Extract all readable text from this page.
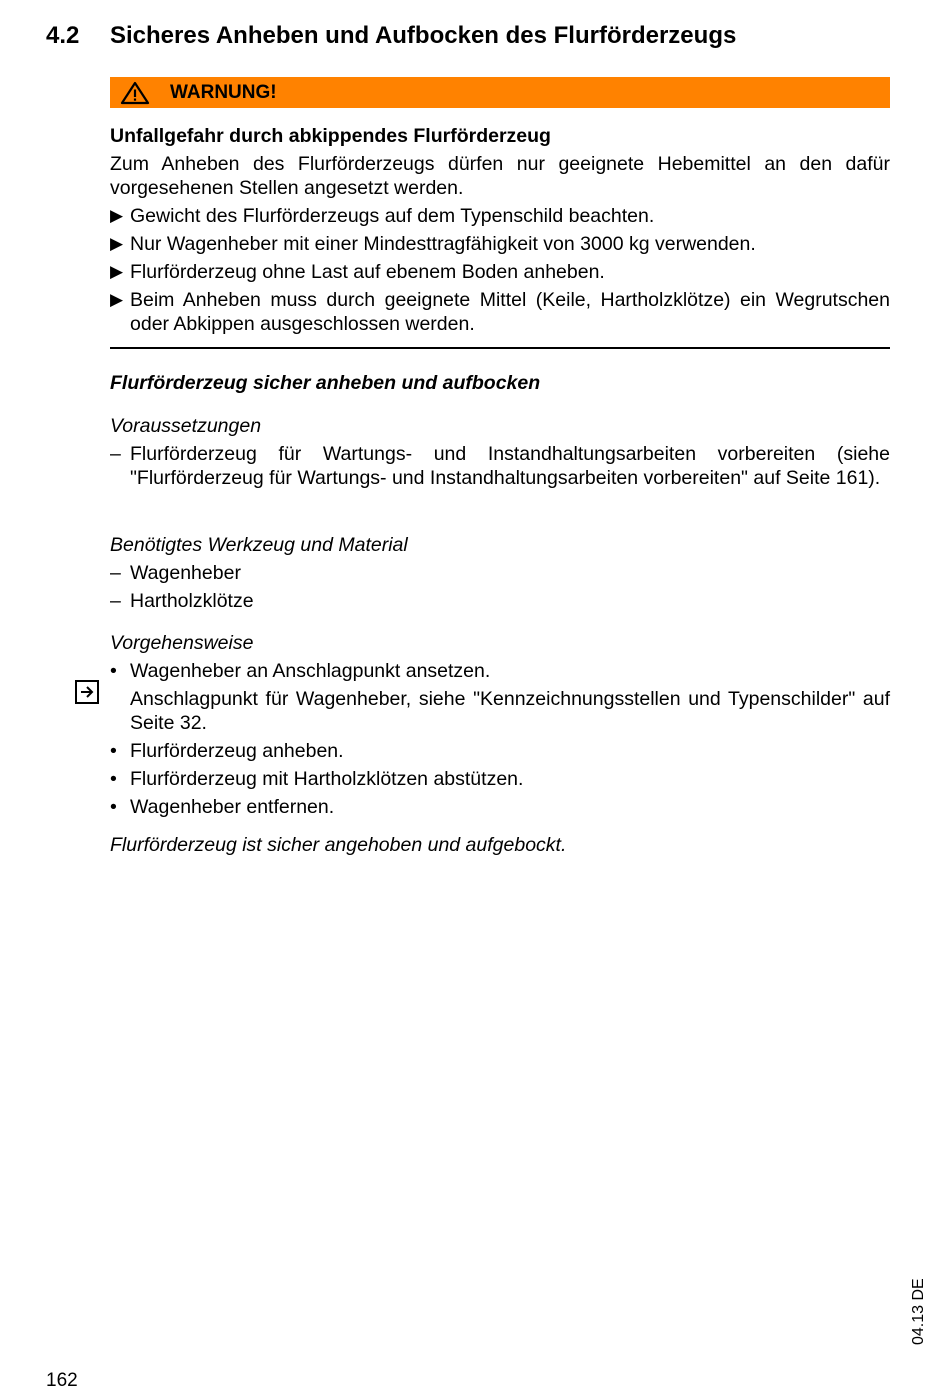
4.2 Sicheres Anheben und Aufbocken des Flurförderzeugs
WARNUNG!
Unfallgefahr durch abkippendes Flurförderzeug
Zum Anheben des Flurförderzeugs dürfen nur geeignete Hebemittel an den dafür vorgesehenen Stellen angesetzt werden.
▶ Gewicht des Flurförderzeugs auf dem Typenschild beachten.
▶ Nur Wagenheber mit einer Mindesttragfähigkeit von 3000 kg verwenden.
▶ Flurförderzeug ohne Last auf ebenem Boden anheben.
▶ Beim Anheben muss durch geeignete Mittel (Keile, Hartholzklötze) ein Wegrutschen oder Abkippen ausgeschlossen werden.
Flurförderzeug sicher anheben und aufbocken
Voraussetzungen
– Flurförderzeug für Wartungs- und Instandhaltungsarbeiten vorbereiten (siehe "Flurförderzeug für Wartungs- und Instandhaltungsarbeiten vorbereiten" auf Seite 161).
Benötigtes Werkzeug und Material
– Wagenheber
– Hartholzklötze
Vorgehensweise
• Wagenheber an Anschlagpunkt ansetzen.
Anschlagpunkt für Wagenheber, siehe "Kennzeichnungsstellen und Typenschilder" auf Seite 32.
• Flurförderzeug anheben.
• Flurförderzeug mit Hartholzklötzen abstützen.
• Wagenheber entfernen.
Flurförderzeug ist sicher angehoben und aufgebockt.
04.13 DE
162
